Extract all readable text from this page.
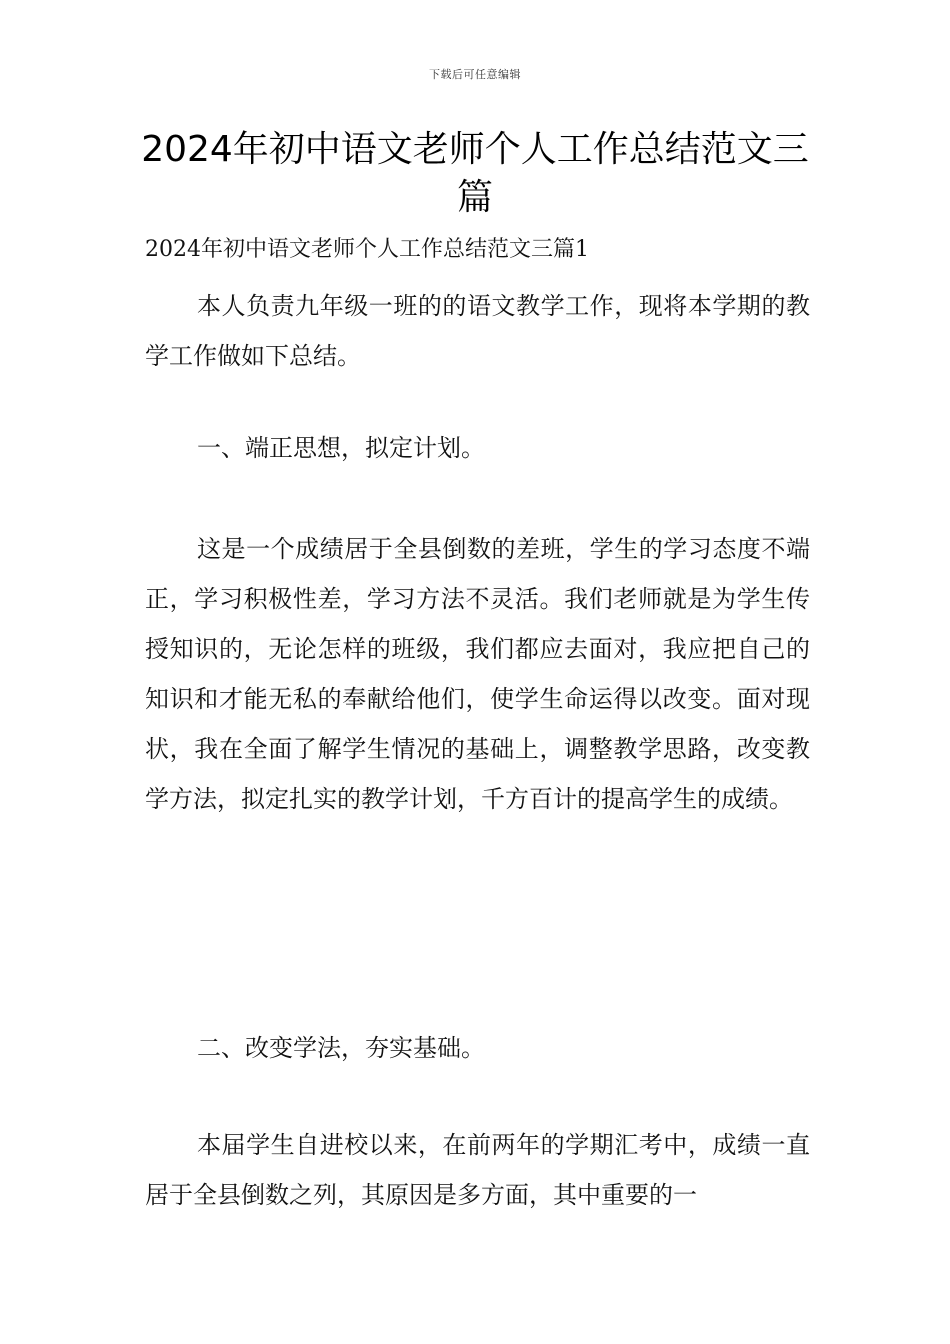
下载后可任意编辑
2024年初中语文老师个人工作总结范文三篇
2024年初中语文老师个人工作总结范文三篇1
本人负责九年级一班的的语文教学工作，现将本学期的教学工作做如下总结。
一、端正思想，拟定计划。
这是一个成绩居于全县倒数的差班，学生的学习态度不端正，学习积极性差，学习方法不灵活。我们老师就是为学生传授知识的，无论怎样的班级，我们都应去面对，我应把自己的知识和才能无私的奉献给他们，使学生命运得以改变。面对现状，我在全面了解学生情况的基础上，调整教学思路，改变教学方法，拟定扎实的教学计划，千方百计的提高学生的成绩。
二、改变学法，夯实基础。
本届学生自进校以来，在前两年的学期汇考中，成绩一直居于全县倒数之列，其原因是多方面，其中重要的一
